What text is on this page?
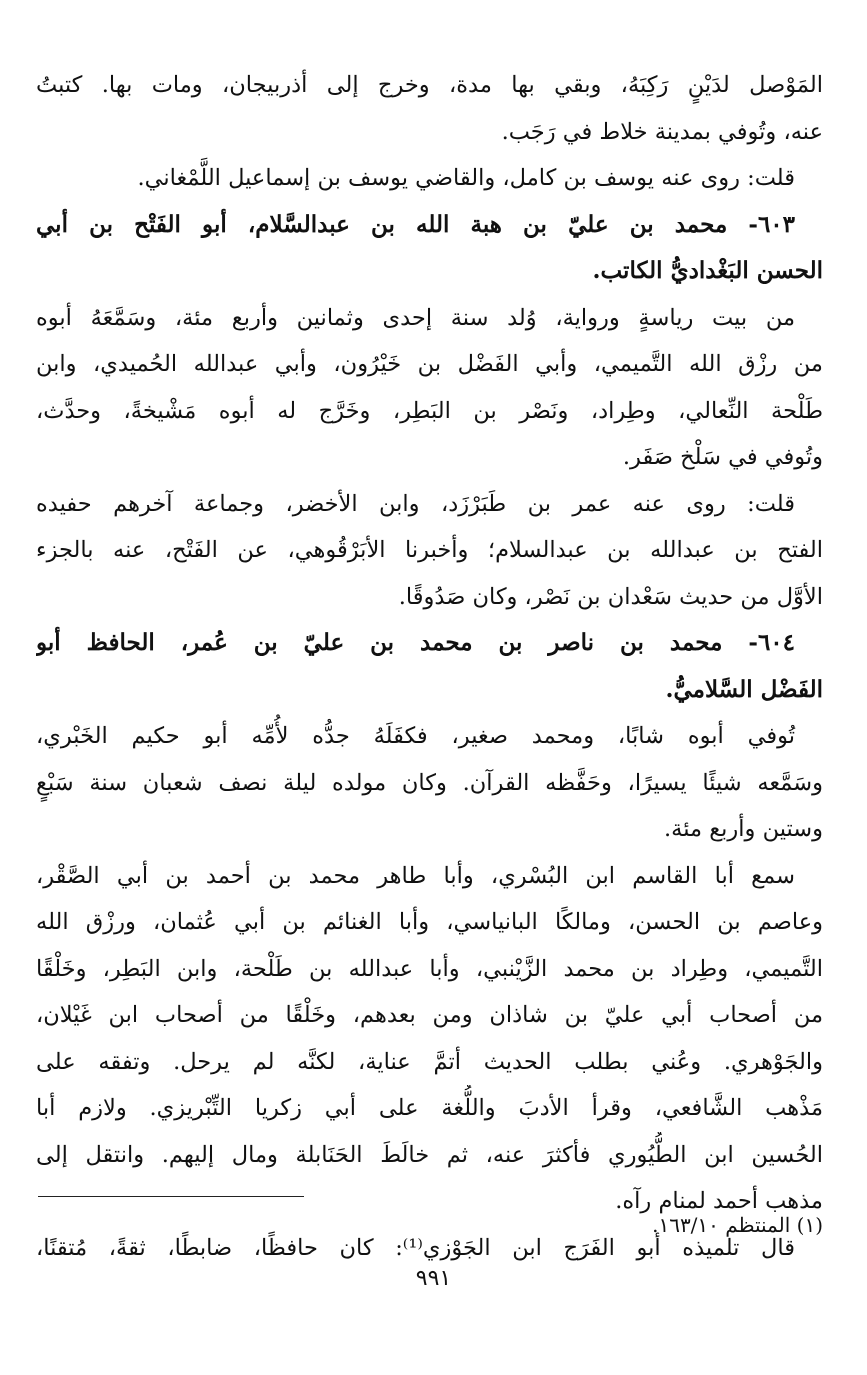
المَوْصل لدَيْنٍ رَكِبَهُ، وبقي بها مدة، وخرج إلى أذربيجان، ومات بها. كتبتُ
عنه، وتُوفي بمدينة خلاط في رَجَب.
قلت: روى عنه يوسف بن كامل، والقاضي يوسف بن إسماعيل اللَّمْغاني.
٦٠٣- محمد بن عليّ بن هبة الله بن عبدالسَّلام، أبو الفَتْح بن أبي
الحسن البَغْداديُّ الكاتب.
من بيت رياسةٍ ورواية، وُلد سنة إحدى وثمانين وأربع مئة، وسَمَّعَهُ أبوه
من رزْق الله التَّميمي، وأبي الفَضْل بن خَيْرُون، وأبي عبدالله الحُميدي، وابن
طَلْحة النِّعالي، وطِراد، ونَصْر بن البَطِر، وخَرَّج له أبوه مَشْيخةً، وحدَّث،
وتُوفي في سَلْخ صَفَر.
قلت: روى عنه عمر بن طَبَرْزَد، وابن الأخضر، وجماعة آخرهم حفيده
الفتح بن عبدالله بن عبدالسلام؛ وأخبرنا الأبَرْقُوهي، عن الفَتْح، عنه بالجزء
الأوَّل من حديث سَعْدان بن نَصْر، وكان صَدُوقًا.
٦٠٤- محمد بن ناصر بن محمد بن عليّ بن عُمر، الحافظ أبو
الفَضْل السَّلاميُّ.
تُوفي أبوه شابًا، ومحمد صغير، فكفَلَهُ جدُّه لأُمِّه أبو حكيم الخَبْري،
وسَمَّعه شيئًا يسيرًا، وحَفَّظه القرآن. وكان مولده ليلة نصف شعبان سنة سَبْعٍ
وستين وأربع مئة.
سمع أبا القاسم ابن البُسْري، وأبا طاهر محمد بن أحمد بن أبي الصَّقْر،
وعاصم بن الحسن، ومالكًا البانياسي، وأبا الغنائم بن أبي عُثمان، ورزْق الله
التَّميمي، وطِراد بن محمد الزَّيْنبي، وأبا عبدالله بن طَلْحة، وابن البَطِر، وخَلْقًا
من أصحاب أبي عليّ بن شاذان ومن بعدهم، وخَلْقًا من أصحاب ابن غَيْلان،
والجَوْهري. وعُني بطلب الحديث أتمَّ عناية، لكنَّه لم يرحل. وتفقه على
مَذْهب الشَّافعي، وقرأ الأدبَ واللُّغة على أبي زكريا التِّبْريزي. ولازم أبا
الحُسين ابن الطُّيُوري فأكثرَ عنه، ثم خالَطَ الحَنَابلة ومال إليهم. وانتقل إلى
مذهب أحمد لمنام رآه.
قال تلميذه أبو الفَرَج ابن الجَوْزي⁽¹⁾: كان حافظًا، ضابطًا، ثقةً، مُتقنًا،
(١) المنتظم ١٦٣/١٠.
٩٩١
